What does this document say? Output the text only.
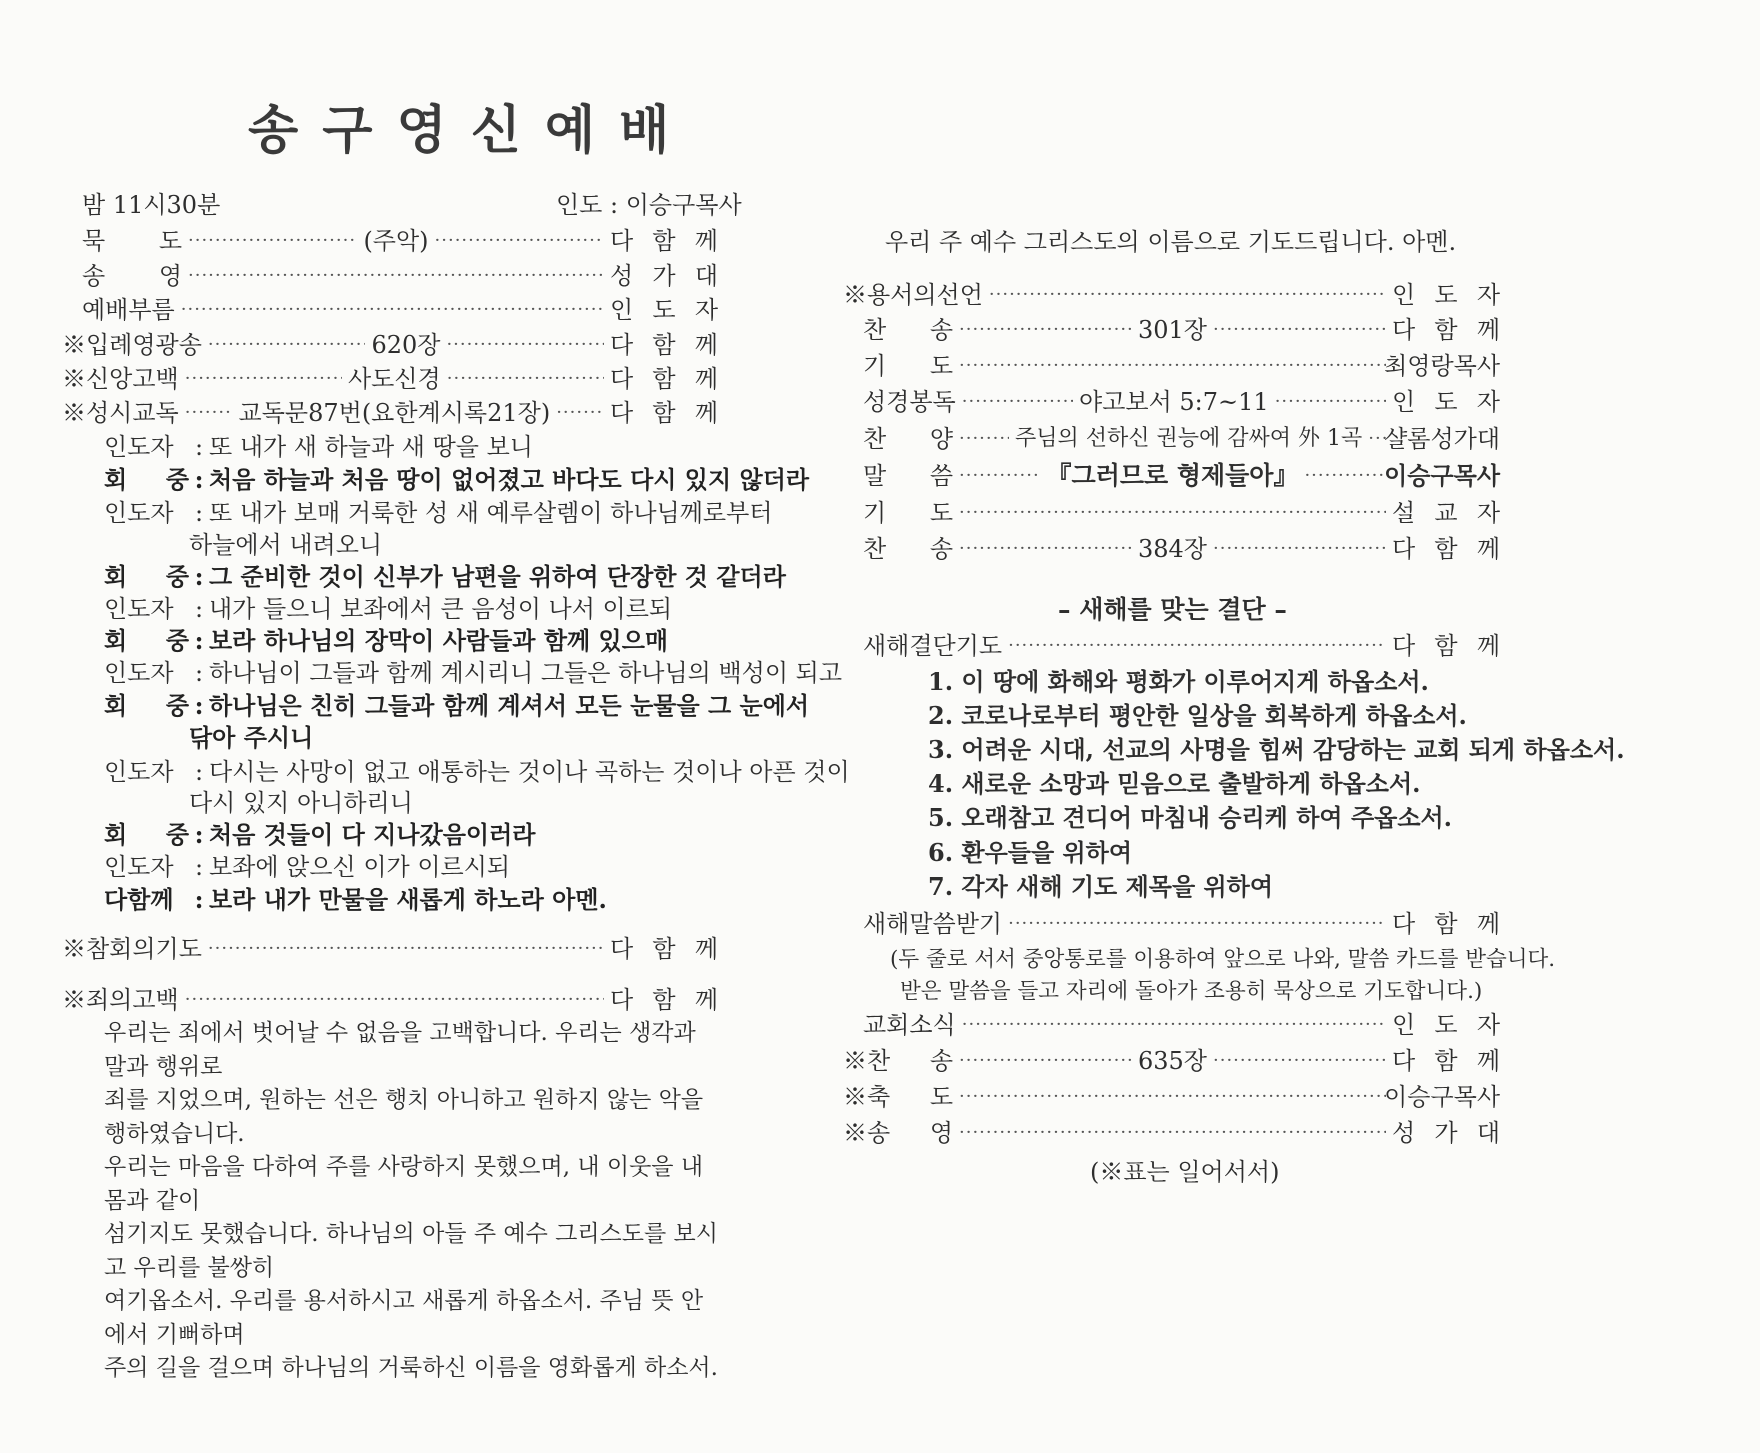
송구영신예배
밤 11시30분	인도 : 이승구목사
묵 도 ·····	(주악) ·····	다 함 께
송 영 ·····	성 가 대
예배부름 ·····	인 도 자
※입례영광송 ·····	620장 ·····	다 함 께
※신앙고백 ·····	사도신경 ·····	다 함 께
※성시교독 ····· 교독문87번(요한계시록21장) ····· 다 함 께
인도자 : 또 내가 새 하늘과 새 땅을 보니
회 중 : 처음 하늘과 처음 땅이 없어졌고 바다도 다시 있지 않더라
인도자 : 또 내가 보매 거룩한 성 새 예루살렘이 하나님께로부터
하늘에서 내려오니
회 중 : 그 준비한 것이 신부가 남편을 위하여 단장한 것 같더라
인도자 : 내가 들으니 보좌에서 큰 음성이 나서 이르되
회 중 : 보라 하나님의 장막이 사람들과 함께 있으매
인도자 : 하나님이 그들과 함께 계시리니 그들은 하나님의 백성이 되고
회 중 : 하나님은 친히 그들과 함께 계셔서 모든 눈물을 그 눈에서
닦아 주시니
인도자 : 다시는 사망이 없고 애통하는 것이나 곡하는 것이나 아픈 것이
다시 있지 아니하리니
회 중 : 처음 것들이 다 지나갔음이러라
인도자 : 보좌에 앉으신 이가 이르시되
다함께 : 보라 내가 만물을 새롭게 하노라 아멘.
※참회의기도 ·····	다 함 께
※죄의고백 ·····	다 함 께
우리는 죄에서 벗어날 수 없음을 고백합니다. 우리는 생각과 말과 행위로
죄를 지었으며, 원하는 선은 행치 아니하고 원하지 않는 악을 행하였습니다.
우리는 마음을 다하여 주를 사랑하지 못했으며, 내 이웃을 내 몸과 같이
섬기지도 못했습니다. 하나님의 아들 주 예수 그리스도를 보시고 우리를 불쌍히
여기옵소서. 우리를 용서하시고 새롭게 하옵소서. 주님 뜻 안에서 기뻐하며
주의 길을 걸으며 하나님의 거룩하신 이름을 영화롭게 하소서.
우리 주 예수 그리스도의 이름으로 기도드립니다. 아멘.
※용서의선언 ·····	인 도 자
찬 송 ·····	301장 ·····	다 함 께
기 도 ·····	최영랑목사
성경봉독 ·····	야고보서 5:7~11 ·····	인 도 자
찬 양 ·····	주님의 선하신 권능에 감싸여 外 1곡 ····· 샬롬성가대
말 씀 ·····	『그러므로 형제들아』 ·····	이승구목사
기 도 ·····	설 교 자
찬 송 ·····	384장 ·····	다 함 께
– 새해를 맞는 결단 –
새해결단기도 ·····	다 함 께
1. 이 땅에 화해와 평화가 이루어지게 하옵소서.
2. 코로나로부터 평안한 일상을 회복하게 하옵소서.
3. 어려운 시대, 선교의 사명을 힘써 감당하는 교회 되게 하옵소서.
4. 새로운 소망과 믿음으로 출발하게 하옵소서.
5. 오래참고 견디어 마침내 승리케 하여 주옵소서.
6. 환우들을 위하여
7. 각자 새해 기도 제목을 위하여
새해말씀받기 ·····	다 함 께
(두 줄로 서서 중앙통로를 이용하여 앞으로 나와, 말씀 카드를 받습니다.
받은 말씀을 들고 자리에 돌아가 조용히 묵상으로 기도합니다.)
교회소식 ·····	인 도 자
※찬 송 ·····	635장 ·····	다 함 께
※축 도 ·····	이승구목사
※송 영 ·····	성 가 대
(※표는 일어서서)
